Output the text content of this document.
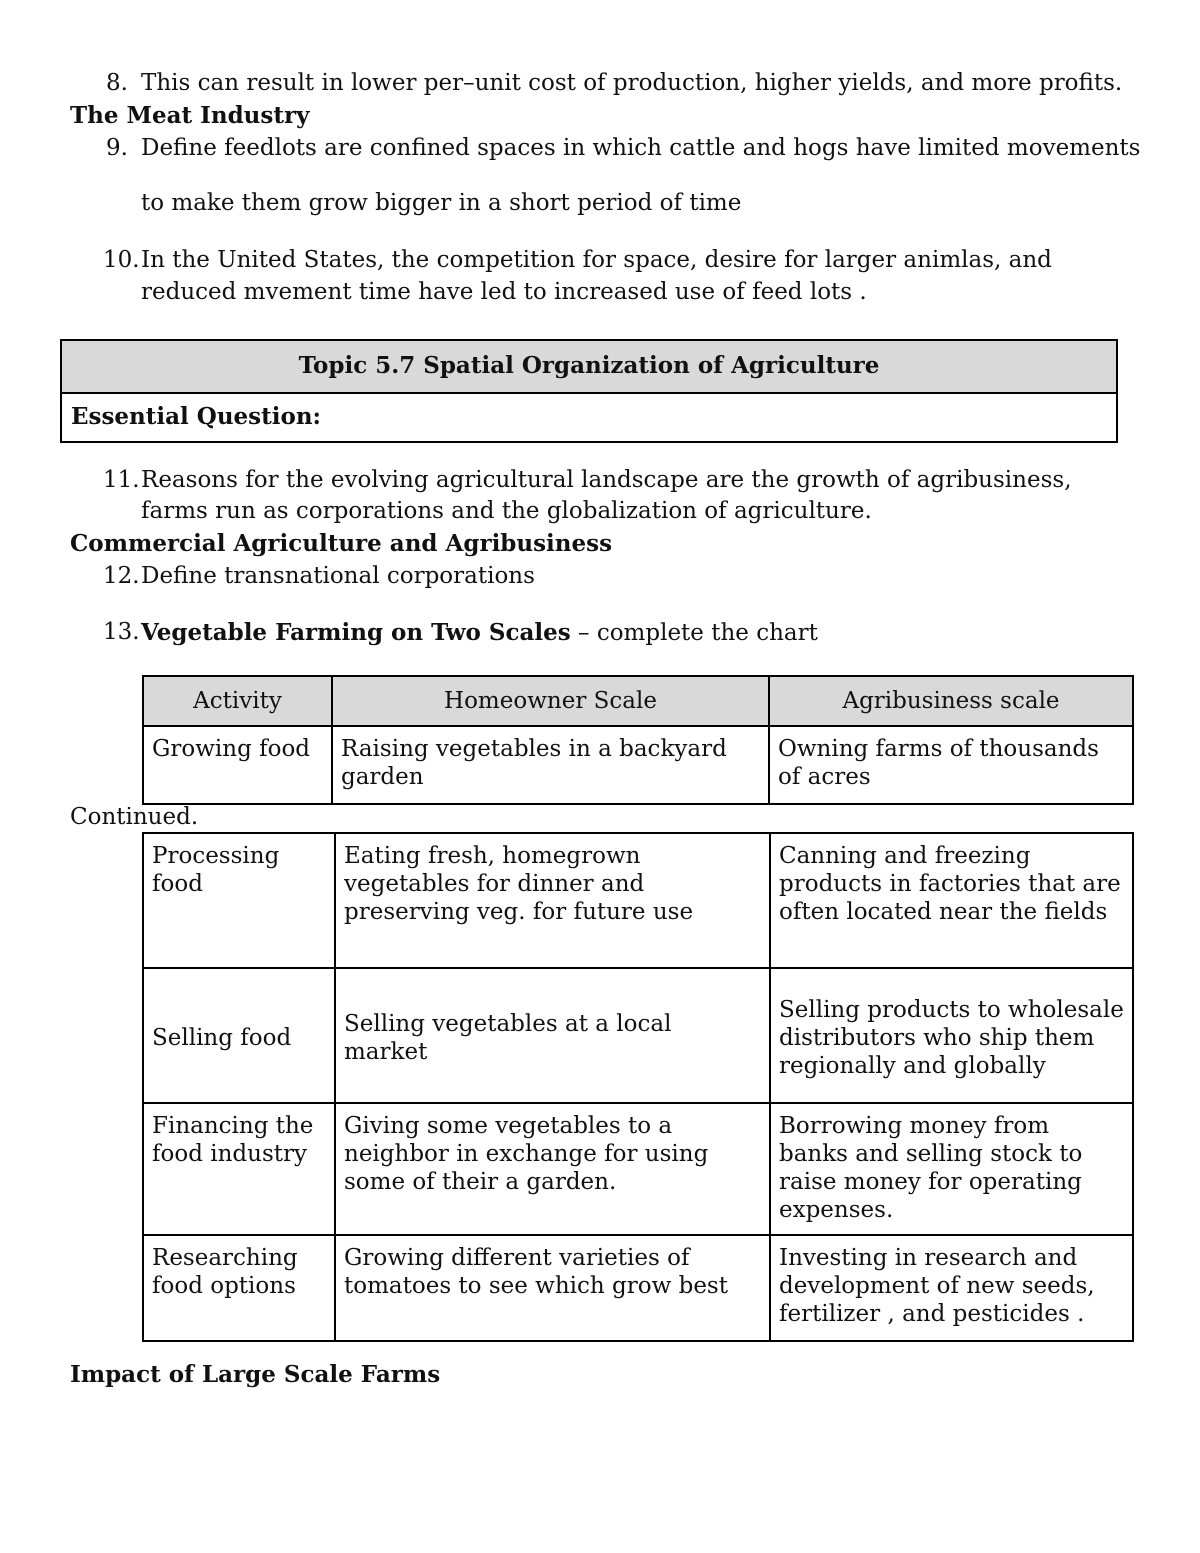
8. This can result in lower per–unit cost of production, higher yields, and more profits.
The Meat Industry
9. Define feedlots are confined spaces in which cattle and hogs have limited movements
to make them grow bigger in a short period of time
10. In the United States, the competition for space, desire for larger animlas, and
reduced mvement time have led to increased use of feed lots .
Topic 5.7 Spatial Organization of Agriculture
Essential Question:
11. Reasons for the evolving agricultural landscape are the growth of agribusiness,
farms run as corporations and the globalization of agriculture.
Commercial Agriculture and Agribusiness
12. Define transnational corporations
13. Vegetable Farming on Two Scales – complete the chart
Activity	Homeowner Scale	Agribusiness scale
Growing food	Raising vegetables in a backyard garden	Owning farms of thousands of acres
Continued.
Processing food	Eating fresh, homegrown vegetables for dinner and preserving veg. for future use	Canning and freezing products in factories that are often located near the fields
Selling food	Selling vegetables at a local market	Selling products to wholesale distributors who ship them regionally and globally
Financing the food industry	Giving some vegetables to a neighbor in exchange for using some of their a garden.	Borrowing money from banks and selling stock to raise money for operating expenses.
Researching food options	Growing different varieties of tomatoes to see which grow best	Investing in research and development of new seeds, fertilizer , and pesticides .
Impact of Large Scale Farms
